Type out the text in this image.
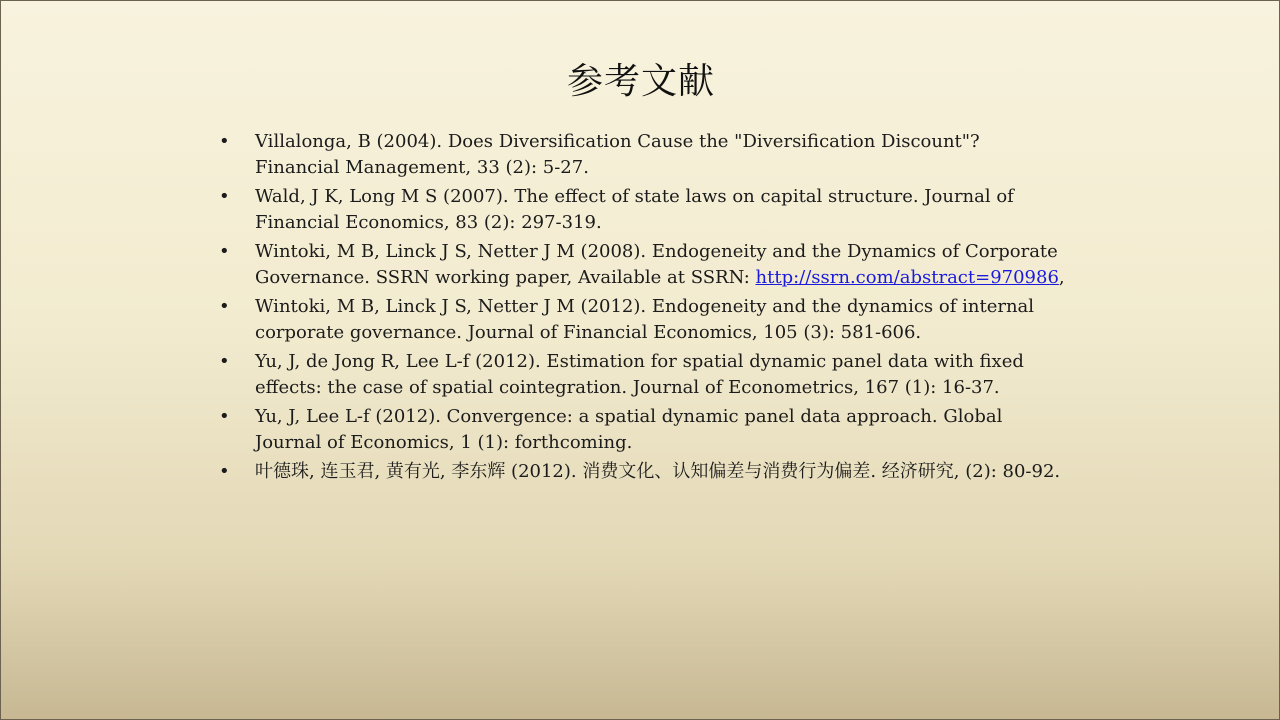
参考文献
• Villalonga, B (2004). Does Diversification Cause the "Diversification Discount"? Financial Management, 33 (2): 5-27.
• Wald, J K, Long M S (2007). The effect of state laws on capital structure. Journal of Financial Economics, 83 (2): 297-319.
• Wintoki, M B, Linck J S, Netter J M (2008). Endogeneity and the Dynamics of Corporate Governance. SSRN working paper, Available at SSRN: http://ssrn.com/abstract=970986,
• Wintoki, M B, Linck J S, Netter J M (2012). Endogeneity and the dynamics of internal corporate governance. Journal of Financial Economics, 105 (3): 581-606.
• Yu, J, de Jong R, Lee L-f (2012). Estimation for spatial dynamic panel data with fixed effects: the case of spatial cointegration. Journal of Econometrics, 167 (1): 16-37.
• Yu, J, Lee L-f (2012). Convergence: a spatial dynamic panel data approach. Global Journal of Economics, 1 (1): forthcoming.
• 叶德珠, 连玉君, 黄有光, 李东辉 (2012). 消费文化、认知偏差与消费行为偏差. 经济研究, (2): 80-92.
